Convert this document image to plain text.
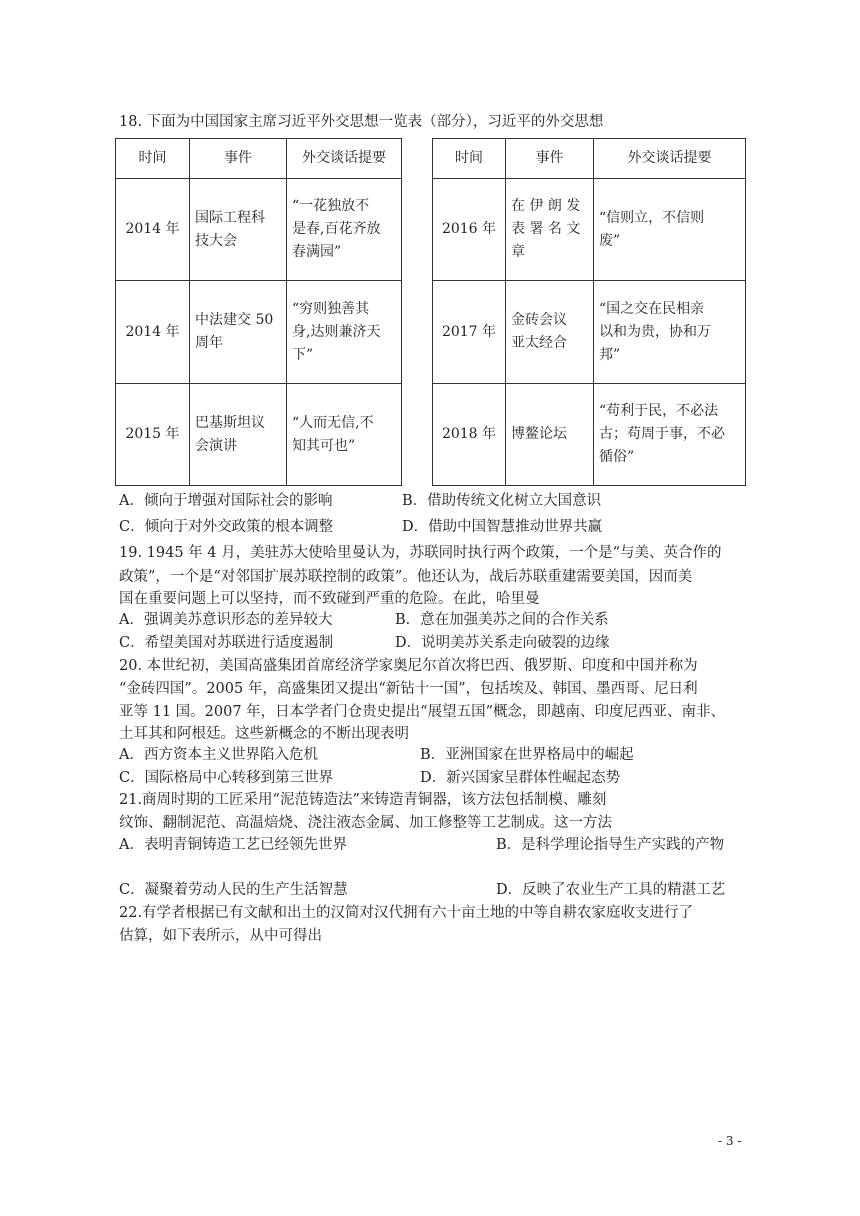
18. 下面为中国国家主席习近平外交思想一览表（部分），习近平的外交思想
时间	事件	外交谈话提要
2014 年	国际工程科
技大会	“一花独放不
是春,百花齐放
春满园”
2014 年	中法建交 50
周年	“穷则独善其
身,达则兼济天
下”
2015 年	巴基斯坦议
会演讲	“人而无信,不
知其可也”
时间	事件	外交谈话提要
2016 年	在 伊 朗 发
表 署 名 文
章	“信则立，不信则
废”
2017 年	金砖会议
亚太经合	“国之交在民相亲
以和为贵，协和万
邦”
2018 年	博鳌论坛	“苟利于民，不必法
古；苟周于事，不必
循俗”
A．倾向于增强对国际社会的影响	B．借助传统文化树立大国意识
C．倾向于对外交政策的根本调整	D．借助中国智慧推动世界共赢
19. 1945 年 4 月，美驻苏大使哈里曼认为，苏联同时执行两个政策，一个是“与美、英合作的
政策”，一个是“对邻国扩展苏联控制的政策”。他还认为，战后苏联重建需要美国，因而美
国在重要问题上可以坚持，而不致碰到严重的危险。在此，哈里曼
A．强调美苏意识形态的差异较大	B．意在加强美苏之间的合作关系
C．希望美国对苏联进行适度遏制	D．说明美苏关系走向破裂的边缘
20. 本世纪初，美国高盛集团首席经济学家奥尼尔首次将巴西、俄罗斯、印度和中国并称为
“金砖四国”。2005 年，高盛集团又提出“新钻十一国”，包括埃及、韩国、墨西哥、尼日利
亚等 11 国。2007 年，日本学者门仓贵史提出“展望五国”概念，即越南、印度尼西亚、南非、
土耳其和阿根廷。这些新概念的不断出现表明
A．西方资本主义世界陷入危机	B．亚洲国家在世界格局中的崛起
C．国际格局中心转移到第三世界	D．新兴国家呈群体性崛起态势
21.商周时期的工匠采用“泥范铸造法”来铸造青铜器，该方法包括制模、雕刻
纹饰、翻制泥范、高温焙烧、浇注液态金属、加工修整等工艺制成。这一方法
A．表明青铜铸造工艺已经领先世界	B．是科学理论指导生产实践的产物
C．凝聚着劳动人民的生产生活智慧	D．反映了农业生产工具的精湛工艺
22.有学者根据已有文献和出土的汉简对汉代拥有六十亩土地的中等自耕农家庭收支进行了
估算，如下表所示，从中可得出
- 3 -
